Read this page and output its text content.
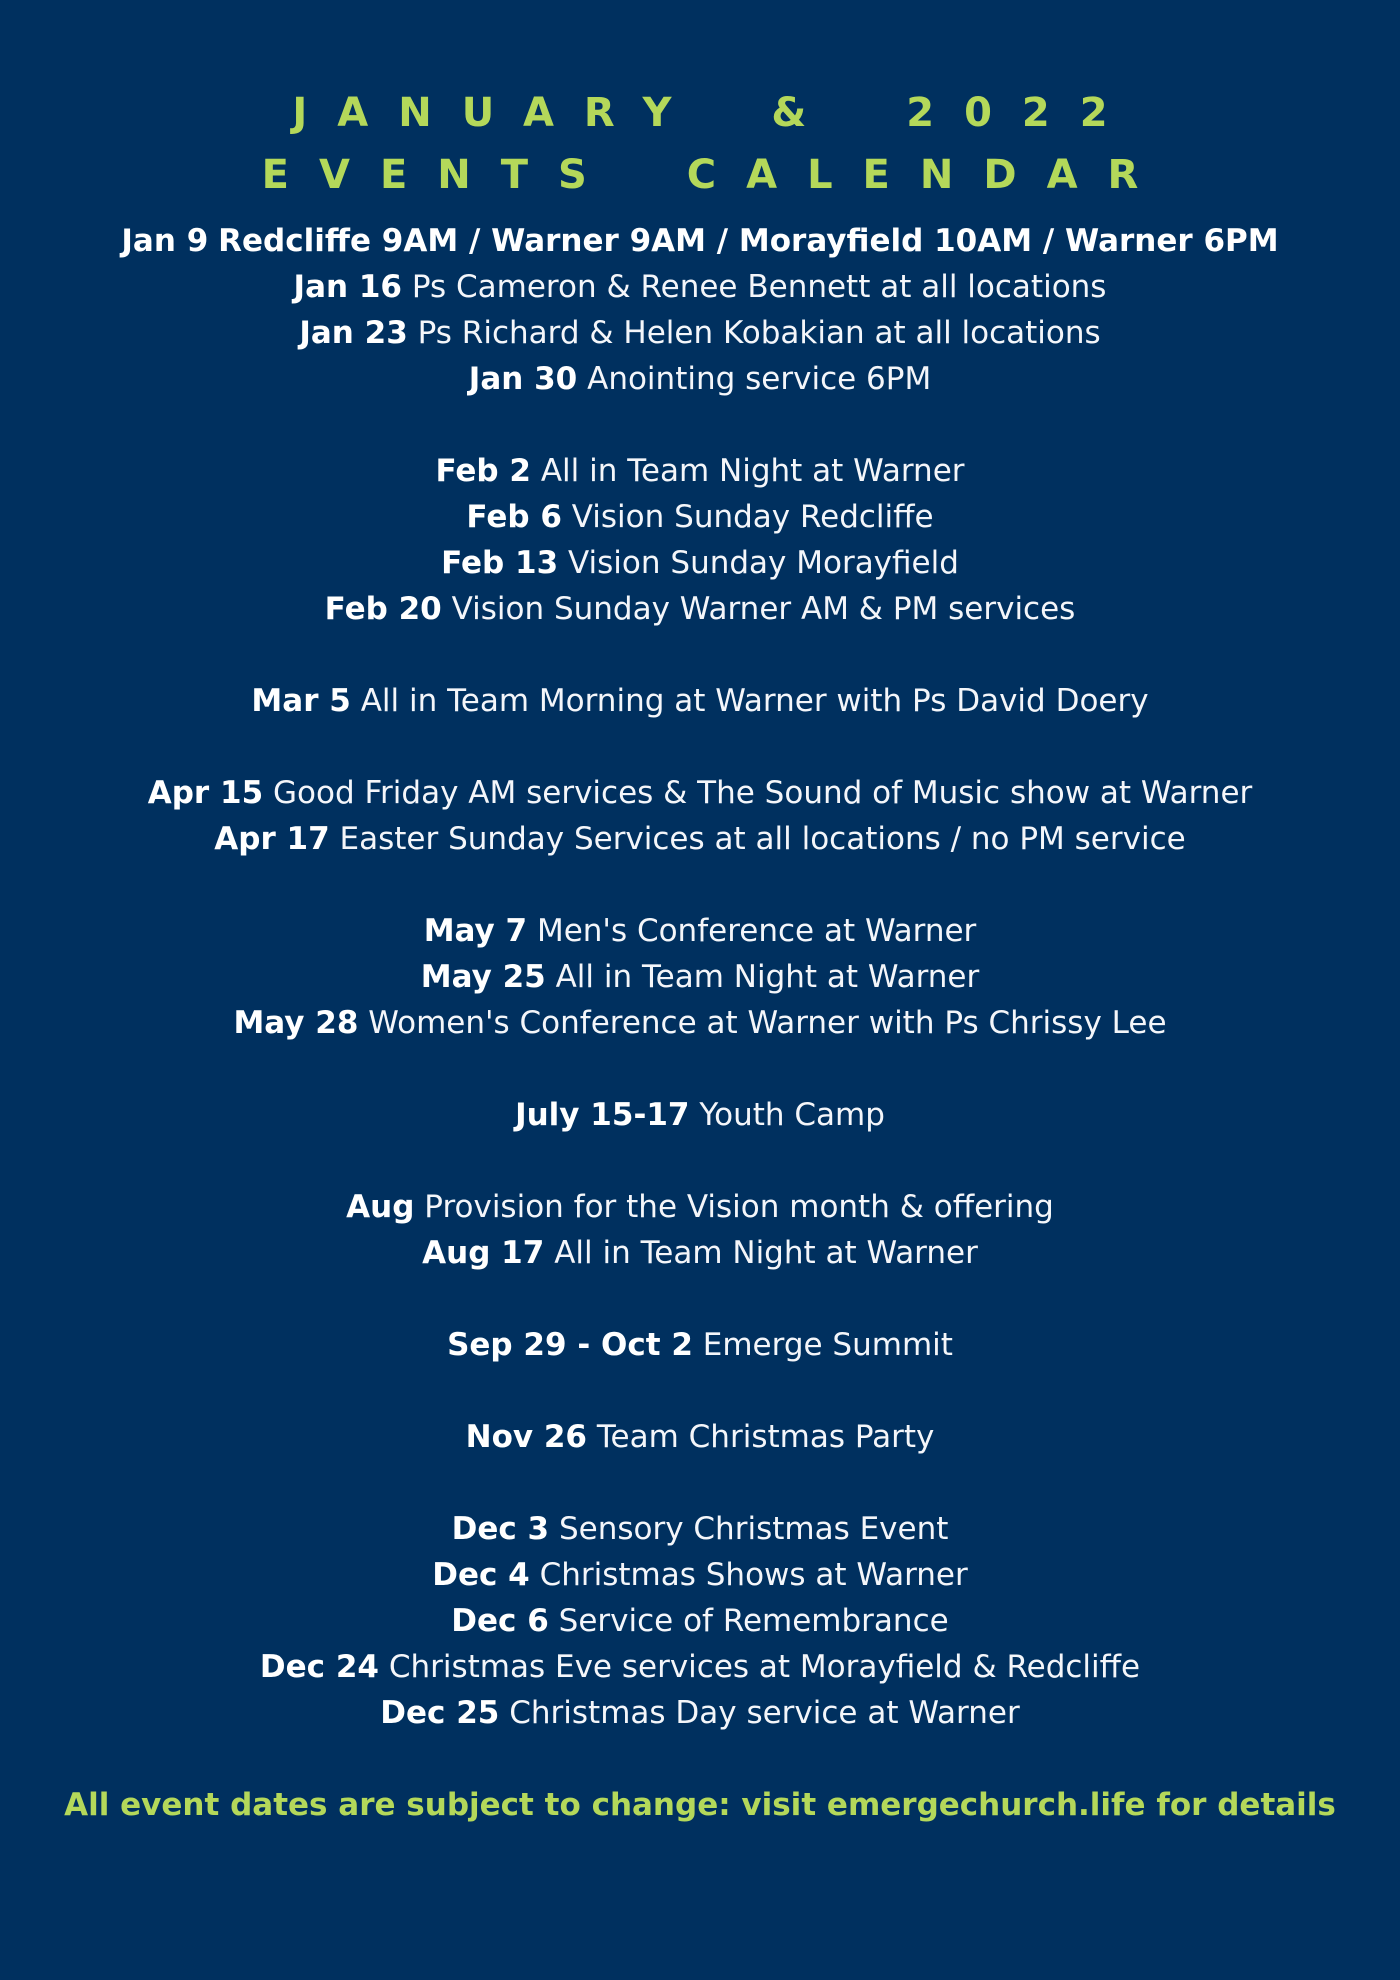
JANUARY & 2022
EVENTS CALENDAR
Jan 9 Redcliffe 9AM / Warner 9AM / Morayfield 10AM / Warner 6PM
Jan 16 Ps Cameron & Renee Bennett at all locations
Jan 23 Ps Richard & Helen Kobakian at all locations
Jan 30 Anointing service 6PM
Feb 2 All in Team Night at Warner
Feb 6 Vision Sunday Redcliffe
Feb 13 Vision Sunday Morayfield
Feb 20 Vision Sunday Warner AM & PM services
Mar 5 All in Team Morning at Warner with Ps David Doery
Apr 15 Good Friday AM services & The Sound of Music show at Warner
Apr 17 Easter Sunday Services at all locations / no PM service
May 7 Men's Conference at Warner
May 25 All in Team Night at Warner
May 28 Women's Conference at Warner with Ps Chrissy Lee
July 15-17 Youth Camp
Aug Provision for the Vision month & offering
Aug 17 All in Team Night at Warner
Sep 29 - Oct 2 Emerge Summit
Nov 26 Team Christmas Party
Dec 3 Sensory Christmas Event
Dec 4 Christmas Shows at Warner
Dec 6 Service of Remembrance
Dec 24 Christmas Eve services at Morayfield & Redcliffe
Dec 25 Christmas Day service at Warner
All event dates are subject to change: visit emergechurch.life for details
